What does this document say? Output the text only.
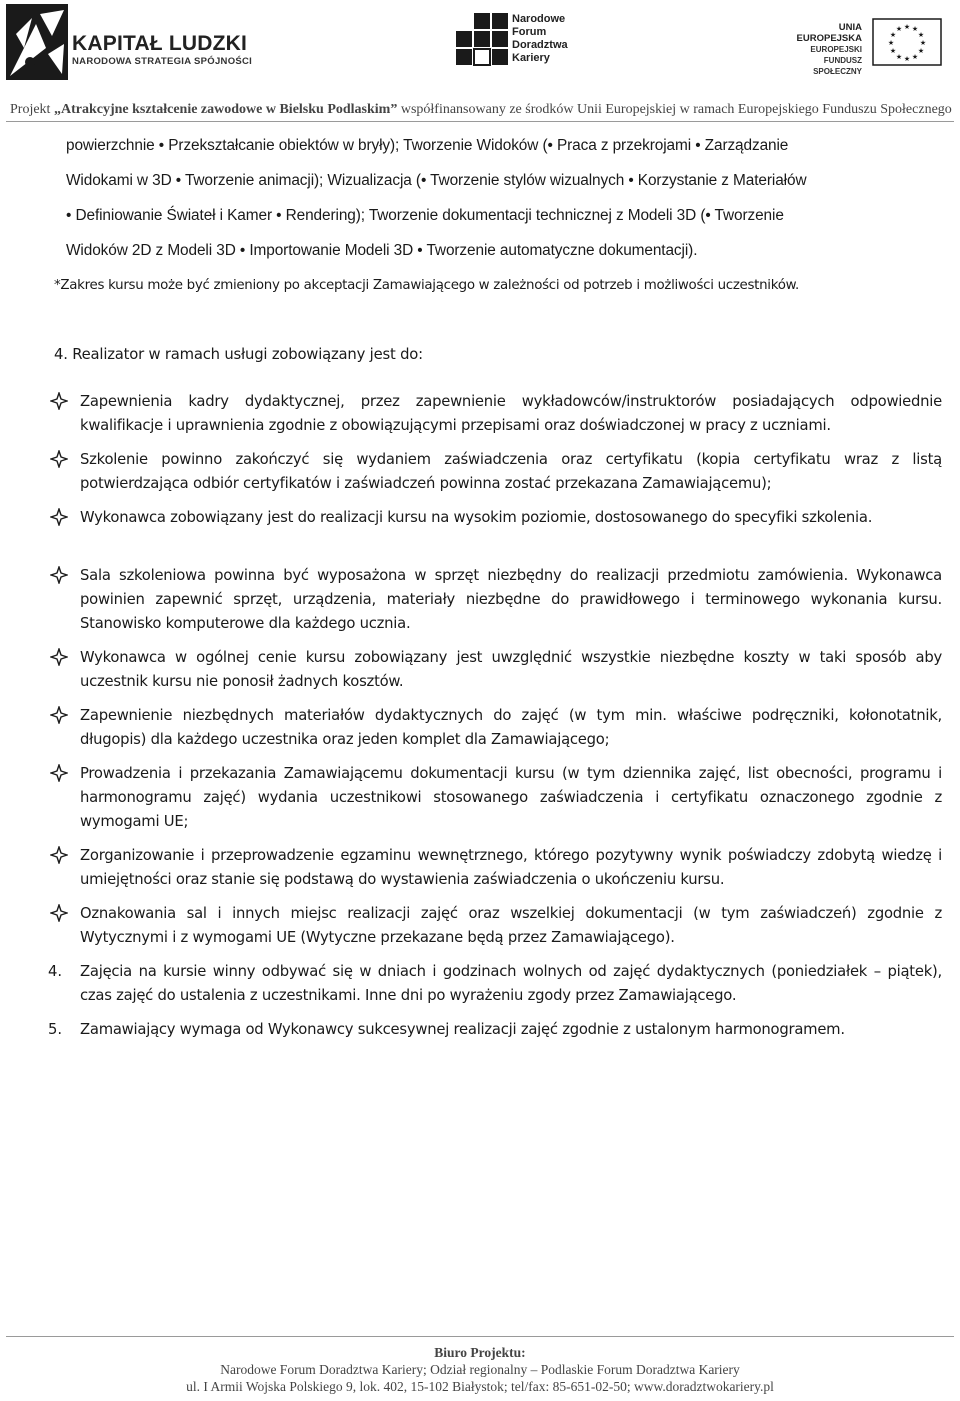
KAPITAŁ LUDZKI
NARODOWA STRATEGIA SPÓJNOŚCI
Narodowe
Forum
Doradztwa
Kariery
UNIA EUROPEJSKA
EUROPEJSKI
FUNDUSZ SPOŁECZNY
★ ★
★
★
★
★
★
★
★
★
★
★
Projekt „Atrakcyjne kształcenie zawodowe w Bielsku Podlaskim” współfinansowany ze środków Unii Europejskiej w ramach Europejskiego Funduszu Społecznego
powierzchnie • Przekształcanie obiektów w bryły); Tworzenie Widoków (• Praca z przekrojami • Zarządzanie
Widokami w 3D • Tworzenie animacji); Wizualizacja (• Tworzenie stylów wizualnych • Korzystanie z Materiałów
• Definiowanie Świateł i Kamer • Rendering); Tworzenie dokumentacji technicznej z Modeli 3D (• Tworzenie
Widoków 2D z Modeli 3D • Importowanie Modeli 3D • Tworzenie automatyczne dokumentacji).
*Zakres kursu może być zmieniony po akceptacji Zamawiającego w zależności od potrzeb i możliwości uczestników.
4. Realizator w ramach usługi zobowiązany jest do:
Zapewnienia kadry dydaktycznej, przez zapewnienie wykładowców/instruktorów posiadających odpowiednie kwalifikacje i uprawnienia zgodnie z obowiązującymi przepisami oraz doświadczonej w pracy z uczniami.
Szkolenie powinno zakończyć się wydaniem zaświadczenia oraz certyfikatu (kopia certyfikatu wraz z listą potwierdzająca odbiór certyfikatów i zaświadczeń powinna zostać przekazana Zamawiającemu);
Wykonawca zobowiązany jest do realizacji kursu na wysokim poziomie, dostosowanego do specyfiki szkolenia.
Sala szkoleniowa powinna być wyposażona w sprzęt niezbędny do realizacji przedmiotu zamówienia. Wykonawca powinien zapewnić sprzęt, urządzenia, materiały niezbędne do prawidłowego i terminowego wykonania kursu. Stanowisko komputerowe dla każdego ucznia.
Wykonawca w ogólnej cenie kursu zobowiązany jest uwzględnić wszystkie niezbędne koszty w taki sposób aby uczestnik kursu nie ponosił żadnych kosztów.
Zapewnienie niezbędnych materiałów dydaktycznych do zajęć (w tym min. właściwe podręczniki, kołonotatnik, długopis) dla każdego uczestnika oraz jeden komplet dla Zamawiającego;
Prowadzenia i przekazania Zamawiającemu dokumentacji kursu (w tym dziennika zajęć, list obecności, programu i harmonogramu zajęć) wydania uczestnikowi stosowanego zaświadczenia i certyfikatu oznaczonego zgodnie z wymogami UE;
Zorganizowanie i przeprowadzenie egzaminu wewnętrznego, którego pozytywny wynik poświadczy zdobytą wiedzę i umiejętności oraz stanie się podstawą do wystawienia zaświadczenia o ukończeniu kursu.
Oznakowania sal i innych miejsc realizacji zajęć oraz wszelkiej dokumentacji (w tym zaświadczeń) zgodnie z Wytycznymi i z wymogami UE (Wytyczne przekazane będą przez Zamawiającego).
4. Zajęcia na kursie winny odbywać się w dniach i godzinach wolnych od zajęć dydaktycznych (poniedziałek – piątek), czas zajęć do ustalenia z uczestnikami. Inne dni po wyrażeniu zgody przez Zamawiającego.
5. Zamawiający wymaga od Wykonawcy sukcesywnej realizacji zajęć zgodnie z ustalonym harmonogramem.
Biuro Projektu:
Narodowe Forum Doradztwa Kariery; Odział regionalny – Podlaskie Forum Doradztwa Kariery
ul. I Armii Wojska Polskiego 9, lok. 402, 15-102 Białystok; tel/fax: 85-651-02-50; www.doradztwokariery.pl
